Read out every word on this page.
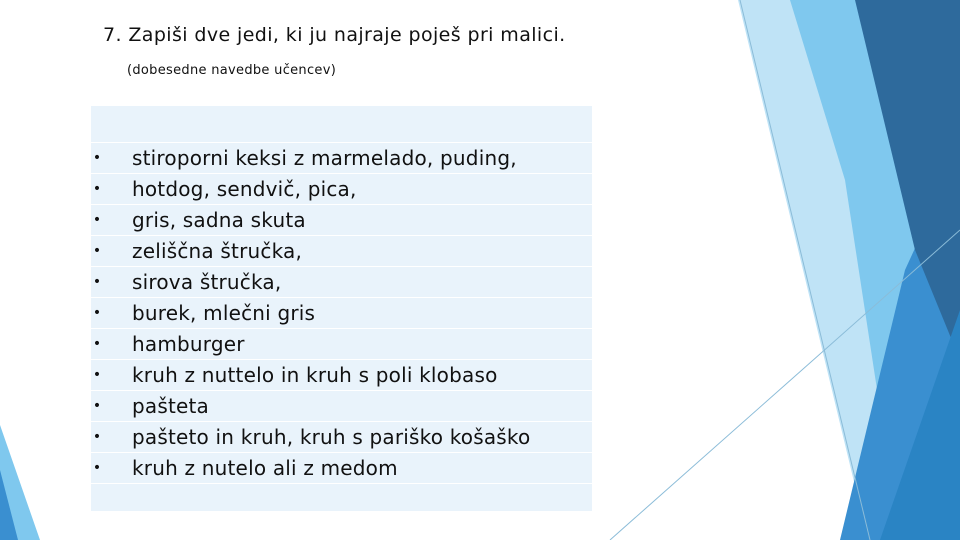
7. Zapiši dve jedi, ki ju najraje poješ pri malici.
(dobesedne navedbe učencev)
• stiroporni keksi z marmelado, puding,
• hotdog, sendvič, pica,
• gris, sadna skuta
• zeliščna štručka,
• sirova štručka,
• burek, mlečni gris
• hamburger
• kruh z nuttelo in kruh s poli klobaso
• pašteta
• pašteto in kruh, kruh s pariško košaško
• kruh z nutelo ali z medom
